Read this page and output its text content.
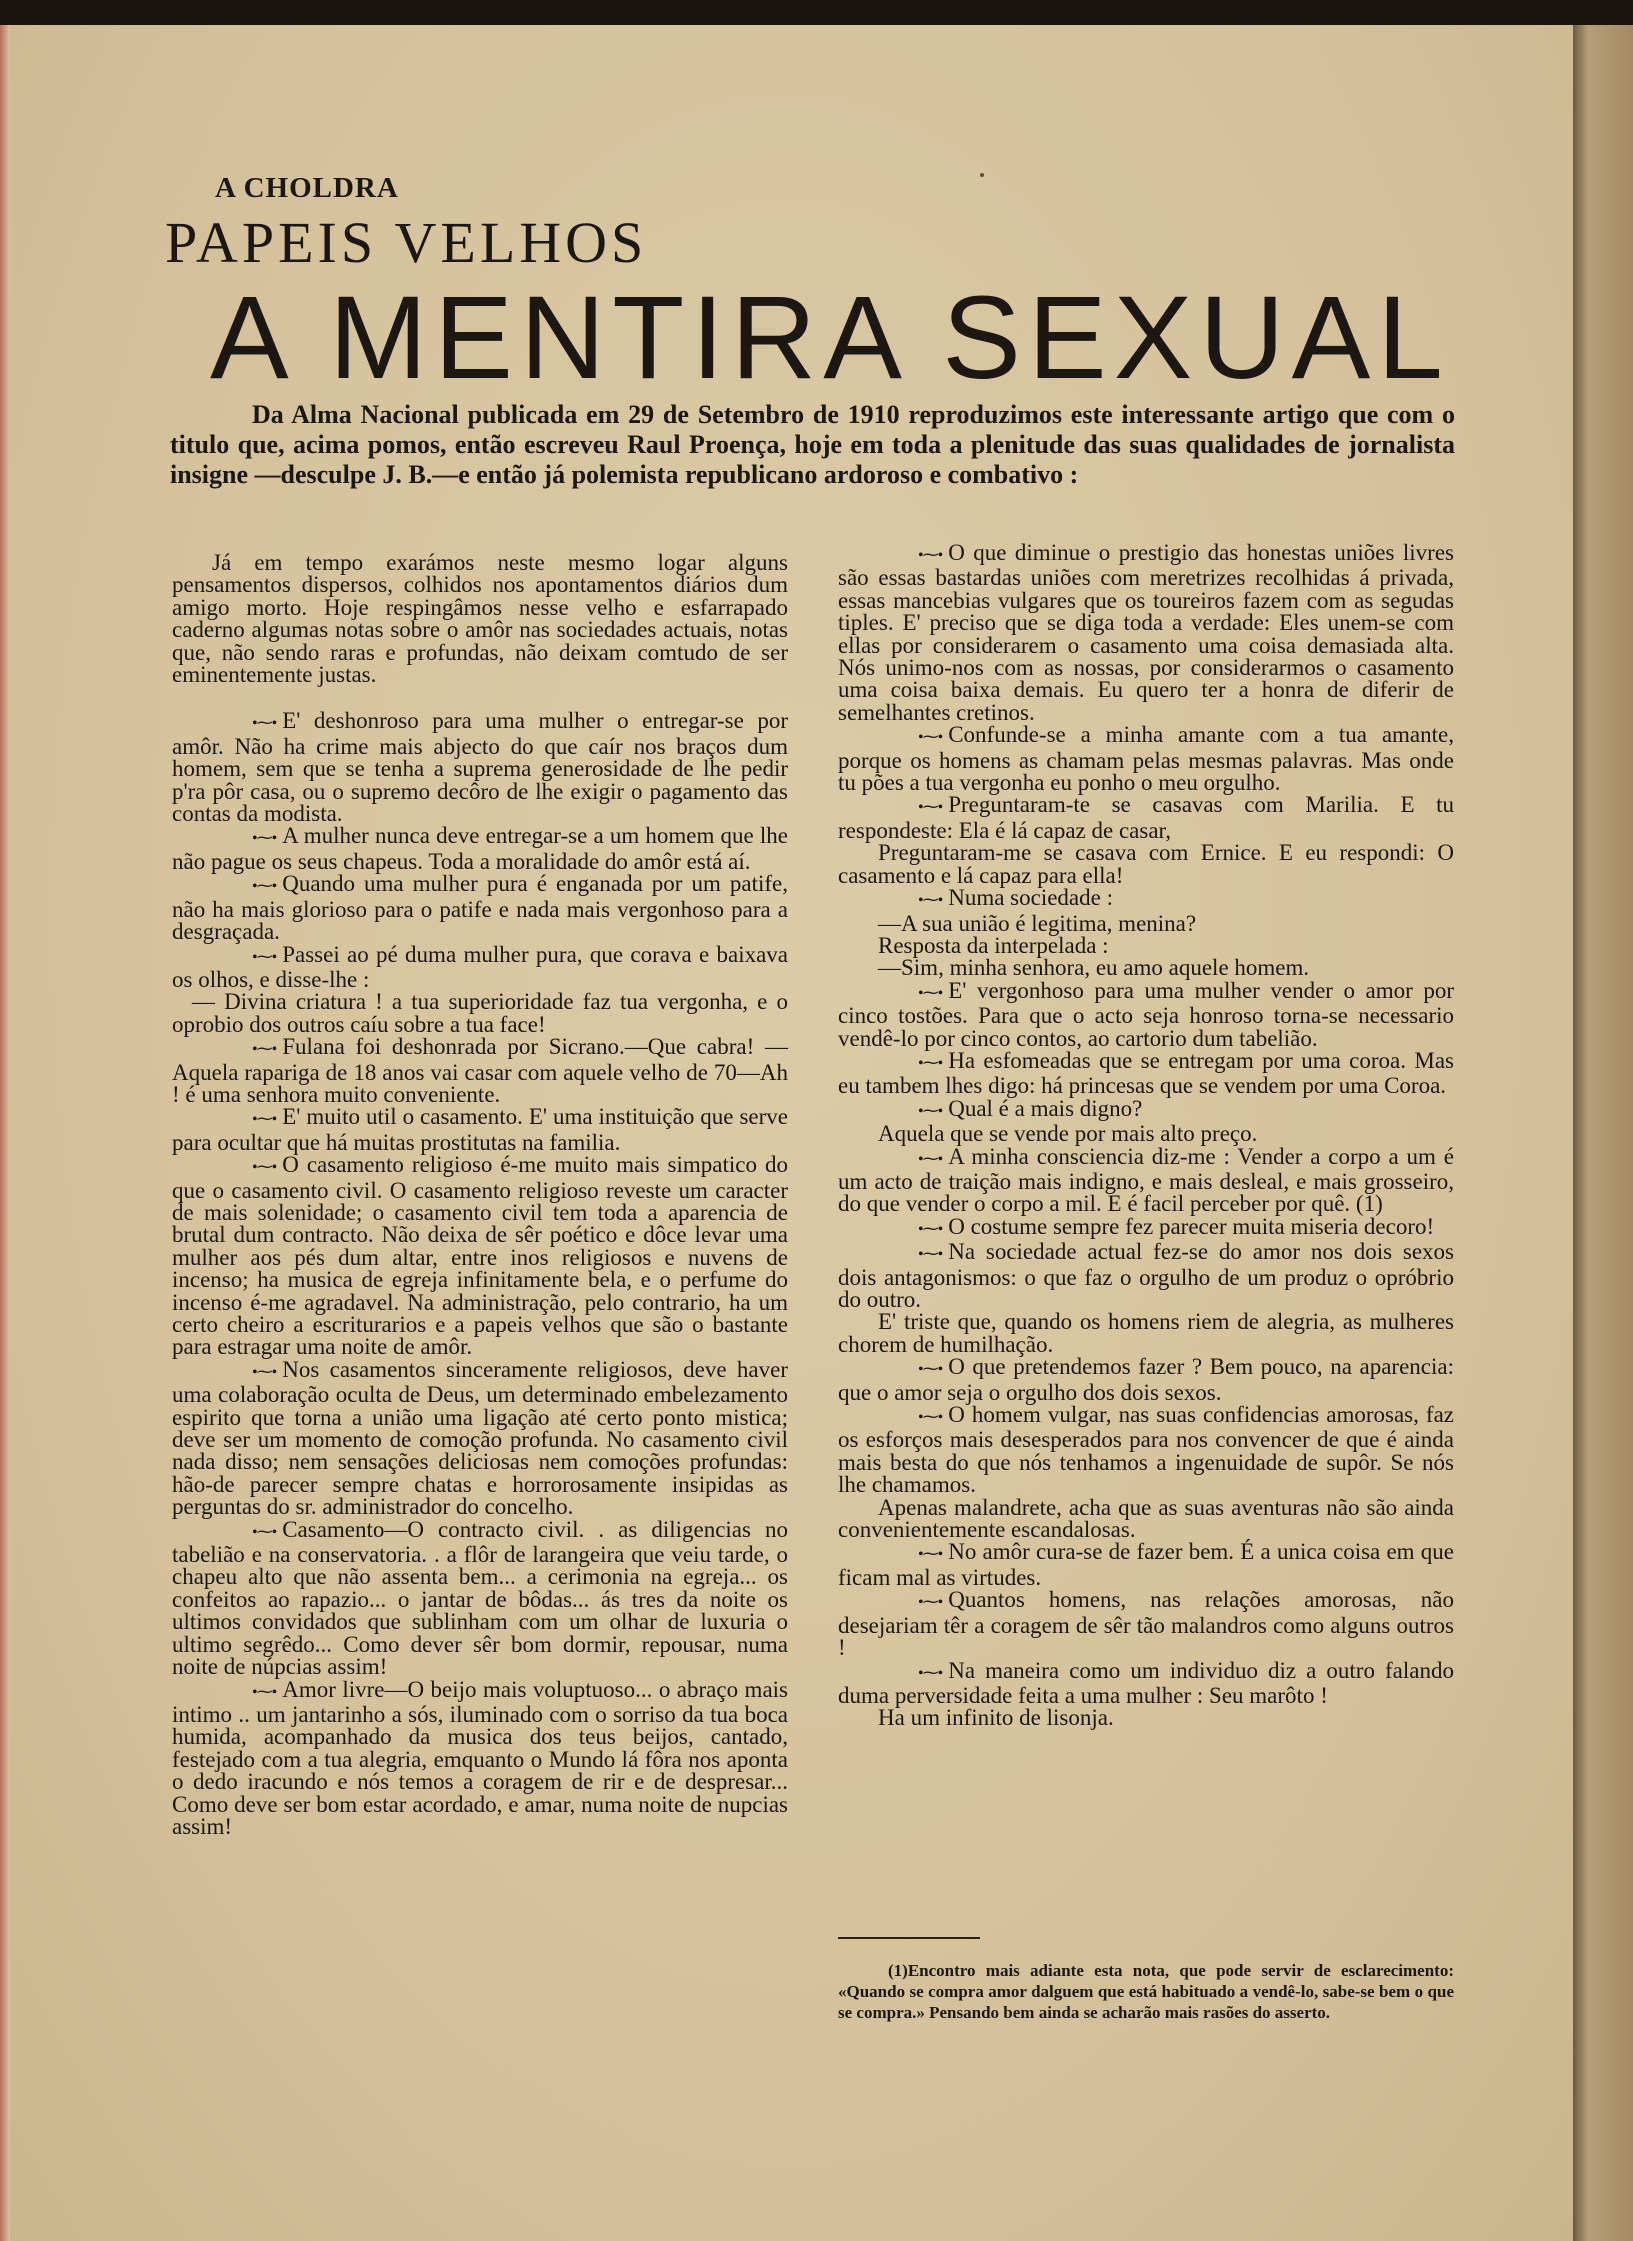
A CHOLDRA
PAPEIS VELHOS
A MENTIRA SEXUAL

Da Alma Nacional publicada em 29 de Setembro de 1910 reproduzimos este interessante artigo que com o titulo que, acima pomos, então escreveu Raul Proença, hoje em toda a plenitude das suas qualidades de jornalista insigne —desculpe J. B.—e então já polemista republicano ardoroso e combativo :

Já em tempo exarámos neste mesmo logar alguns pensamentos dispersos, colhidos nos apontamentos diários dum amigo morto. Hoje respingâmos nesse velho e esfarrapado caderno algumas notas sobre o amôr nas sociedades actuais, notas que, não sendo raras e profundas, não deixam comtudo de ser eminentemente justas.

•⁓• E' deshonroso para uma mulher o entregar-se por amôr. Não ha crime mais abjecto do que caír nos braços dum homem, sem que se tenha a suprema generosidade de lhe pedir p'ra pôr casa, ou o supremo decôro de lhe exigir o pagamento das contas da modista.

•⁓• A mulher nunca deve entregar-se a um homem que lhe não pague os seus chapeus. Toda a moralidade do amôr está aí.

•⁓• Quando uma mulher pura é enganada por um patife, não ha mais glorioso para o patife e nada mais vergonhoso para a desgraçada.

•⁓• Passei ao pé duma mulher pura, que corava e baixava os olhos, e disse-lhe :

— Divina criatura ! a tua superioridade faz tua vergonha, e o oprobio dos outros caíu sobre a tua face!

•⁓• Fulana foi deshonrada por Sicrano.—Que cabra! —Aquela rapariga de 18 anos vai casar com aquele velho de 70—Ah ! é uma senhora muito conveniente.

•⁓• E' muito util o casamento. E' uma instituição que serve para ocultar que há muitas prostitutas na familia.

•⁓• O casamento religioso é-me muito mais simpatico do que o casamento civil. O casamento religioso reveste um caracter de mais solenidade; o casamento civil tem toda a aparencia de brutal dum contracto. Não deixa de sêr poético e dôce levar uma mulher aos pés dum altar, entre inos religiosos e nuvens de incenso; ha musica de egreja infinitamente bela, e o perfume do incenso é-me agradavel. Na administração, pelo contrario, ha um certo cheiro a escriturarios e a papeis velhos que são o bastante para estragar uma noite de amôr.

•⁓• Nos casamentos sinceramente religiosos, deve haver uma colaboração oculta de Deus, um determinado embelezamento espirito que torna a união uma ligação até certo ponto mistica; deve ser um momento de comoção profunda. No casamento civil nada disso; nem sensações deliciosas nem comoções profundas: hão-de parecer sempre chatas e horrorosamente insipidas as perguntas do sr. administrador do concelho.

•⁓• Casamento—O contracto civil. . as diligencias no tabelião e na conservatoria. . a flôr de larangeira que veiu tarde, o chapeu alto que não assenta bem... a cerimonia na egreja... os confeitos ao rapazio... o jantar de bôdas... ás tres da noite os ultimos convidados que sublinham com um olhar de luxuria o ultimo segrêdo... Como dever sêr bom dormir, repousar, numa noite de núpcias assim!

•⁓• Amor livre—O beijo mais voluptuoso... o abraço mais intimo .. um jantarinho a sós, iluminado com o sorriso da tua boca humida, acompanhado da musica dos teus beijos, cantado, festejado com a tua alegria, emquanto o Mundo lá fôra nos aponta o dedo iracundo e nós temos a coragem de rir e de despresar... Como deve ser bom estar acordado, e amar, numa noite de nupcias assim!

•⁓• O que diminue o prestigio das honestas uniões livres são essas bastardas uniões com meretrizes recolhidas á privada, essas mancebias vulgares que os toureiros fazem com as segudas tiples. E' preciso que se diga toda a verdade: Eles unem-se com ellas por considerarem o casamento uma coisa demasiada alta. Nós unimo-nos com as nossas, por considerarmos o casamento uma coisa baixa demais. Eu quero ter a honra de diferir de semelhantes cretinos.

•⁓• Confunde-se a minha amante com a tua amante, porque os homens as chamam pelas mesmas palavras. Mas onde tu pões a tua vergonha eu ponho o meu orgulho.

•⁓• Preguntaram-te se casavas com Marilia. E tu respondeste: Ela é lá capaz de casar,

Preguntaram-me se casava com Ernice. E eu respondi: O casamento e lá capaz para ella!

•⁓• Numa sociedade :

—A sua união é legitima, menina?

Resposta da interpelada :

—Sim, minha senhora, eu amo aquele homem.

•⁓• E' vergonhoso para uma mulher vender o amor por cinco tostões. Para que o acto seja honroso torna-se necessario vendê-lo por cinco contos, ao cartorio dum tabelião.

•⁓• Ha esfomeadas que se entregam por uma coroa. Mas eu tambem lhes digo: há princesas que se vendem por uma Coroa.

•⁓• Qual é a mais digno?

Aquela que se vende por mais alto preço.

•⁓• A minha consciencia diz-me : Vender a corpo a um é um acto de traição mais indigno, e mais desleal, e mais grosseiro, do que vender o corpo a mil. E é facil perceber por quê. (1)

•⁓• O costume sempre fez parecer muita miseria decoro!

•⁓• Na sociedade actual fez-se do amor nos dois sexos dois antagonismos: o que faz o orgulho de um produz o opróbrio do outro.

E' triste que, quando os homens riem de alegria, as mulheres chorem de humilhação.

•⁓• O que pretendemos fazer ? Bem pouco, na aparencia: que o amor seja o orgulho dos dois sexos.

•⁓• O homem vulgar, nas suas confidencias amorosas, faz os esforços mais desesperados para nos convencer de que é ainda mais besta do que nós tenhamos a ingenuidade de supôr. Se nós lhe chamamos.

Apenas malandrete, acha que as suas aventuras não são ainda convenientemente escandalosas.

•⁓• No amôr cura-se de fazer bem. É a unica coisa em que ficam mal as virtudes.

•⁓• Quantos homens, nas relações amorosas, não desejariam têr a coragem de sêr tão malandros como alguns outros !

•⁓• Na maneira como um individuo diz a outro falando duma perversidade feita a uma mulher : Seu marôto !

Ha um infinito de lisonja.

(1)Encontro mais adiante esta nota, que pode servir de esclarecimento: «Quando se compra amor dalguem que está habituado a vendê-lo, sabe-se bem o que se compra.» Pensando bem ainda se acharão mais rasões do asserto.
